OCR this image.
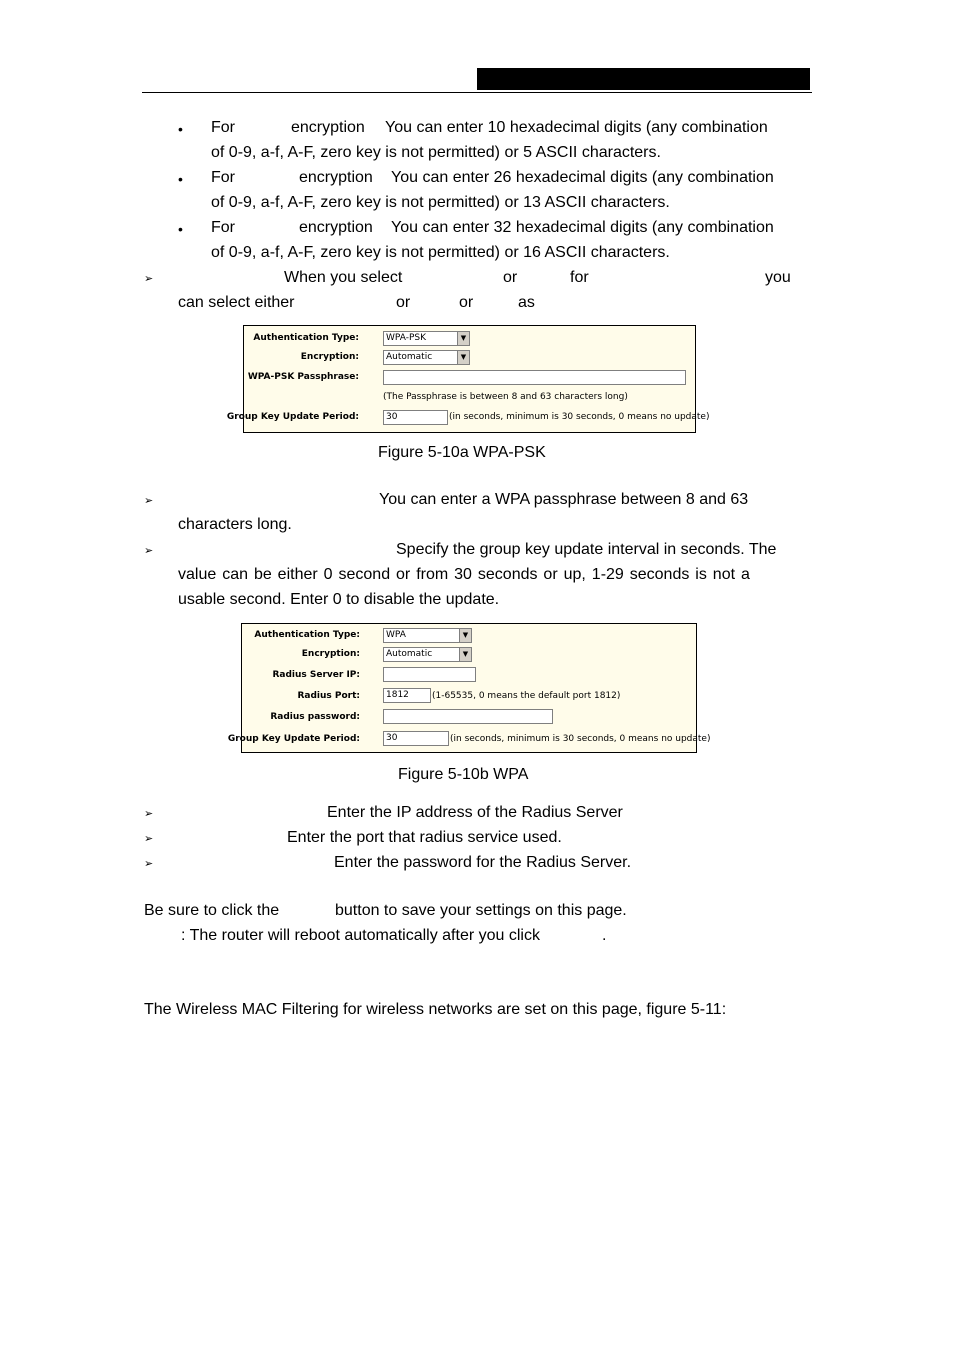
• For	encryption You can enter 10 hexadecimal digits (any combination
of 0-9, a-f, A-F, zero key is not permitted) or 5 ASCII characters.
• For	encryption You can enter 26 hexadecimal digits (any combination
of 0-9, a-f, A-F, zero key is not permitted) or 13 ASCII characters.
• For	encryption You can enter 32 hexadecimal digits (any combination
of 0-9, a-f, A-F, zero key is not permitted) or 16 ASCII characters.
➢	When you select	or	for	you
can select either	or	or	as
Authentication Type:	WPA-PSK	▼
Encryption:	Automatic	▼
WPA-PSK Passphrase:
(The Passphrase is between 8 and 63 characters long)
Group Key Update Period:	30	(in seconds, minimum is 30 seconds, 0 means no update)
Figure 5-10a WPA-PSK
➢	You can enter a WPA passphrase between 8 and 63
characters long.
➢	Specify the group key update interval in seconds. The
value can be either 0 second or from 30 seconds or up, 1-29 seconds is not a
usable second. Enter 0 to disable the update.
Authentication Type:	WPA	▼
Encryption:	Automatic	▼
Radius Server IP:
Radius Port:	1812	(1-65535, 0 means the default port 1812)
Radius password:
Group Key Update Period:	30	(in seconds, minimum is 30 seconds, 0 means no update)
Figure 5-10b WPA
➢	Enter the IP address of the Radius Server
➢	Enter the port that radius service used.
➢	Enter the password for the Radius Server.
Be sure to click the	button to save your settings on this page.
: The router will reboot automatically after you click	.
The Wireless MAC Filtering for wireless networks are set on this page, figure 5-11:
